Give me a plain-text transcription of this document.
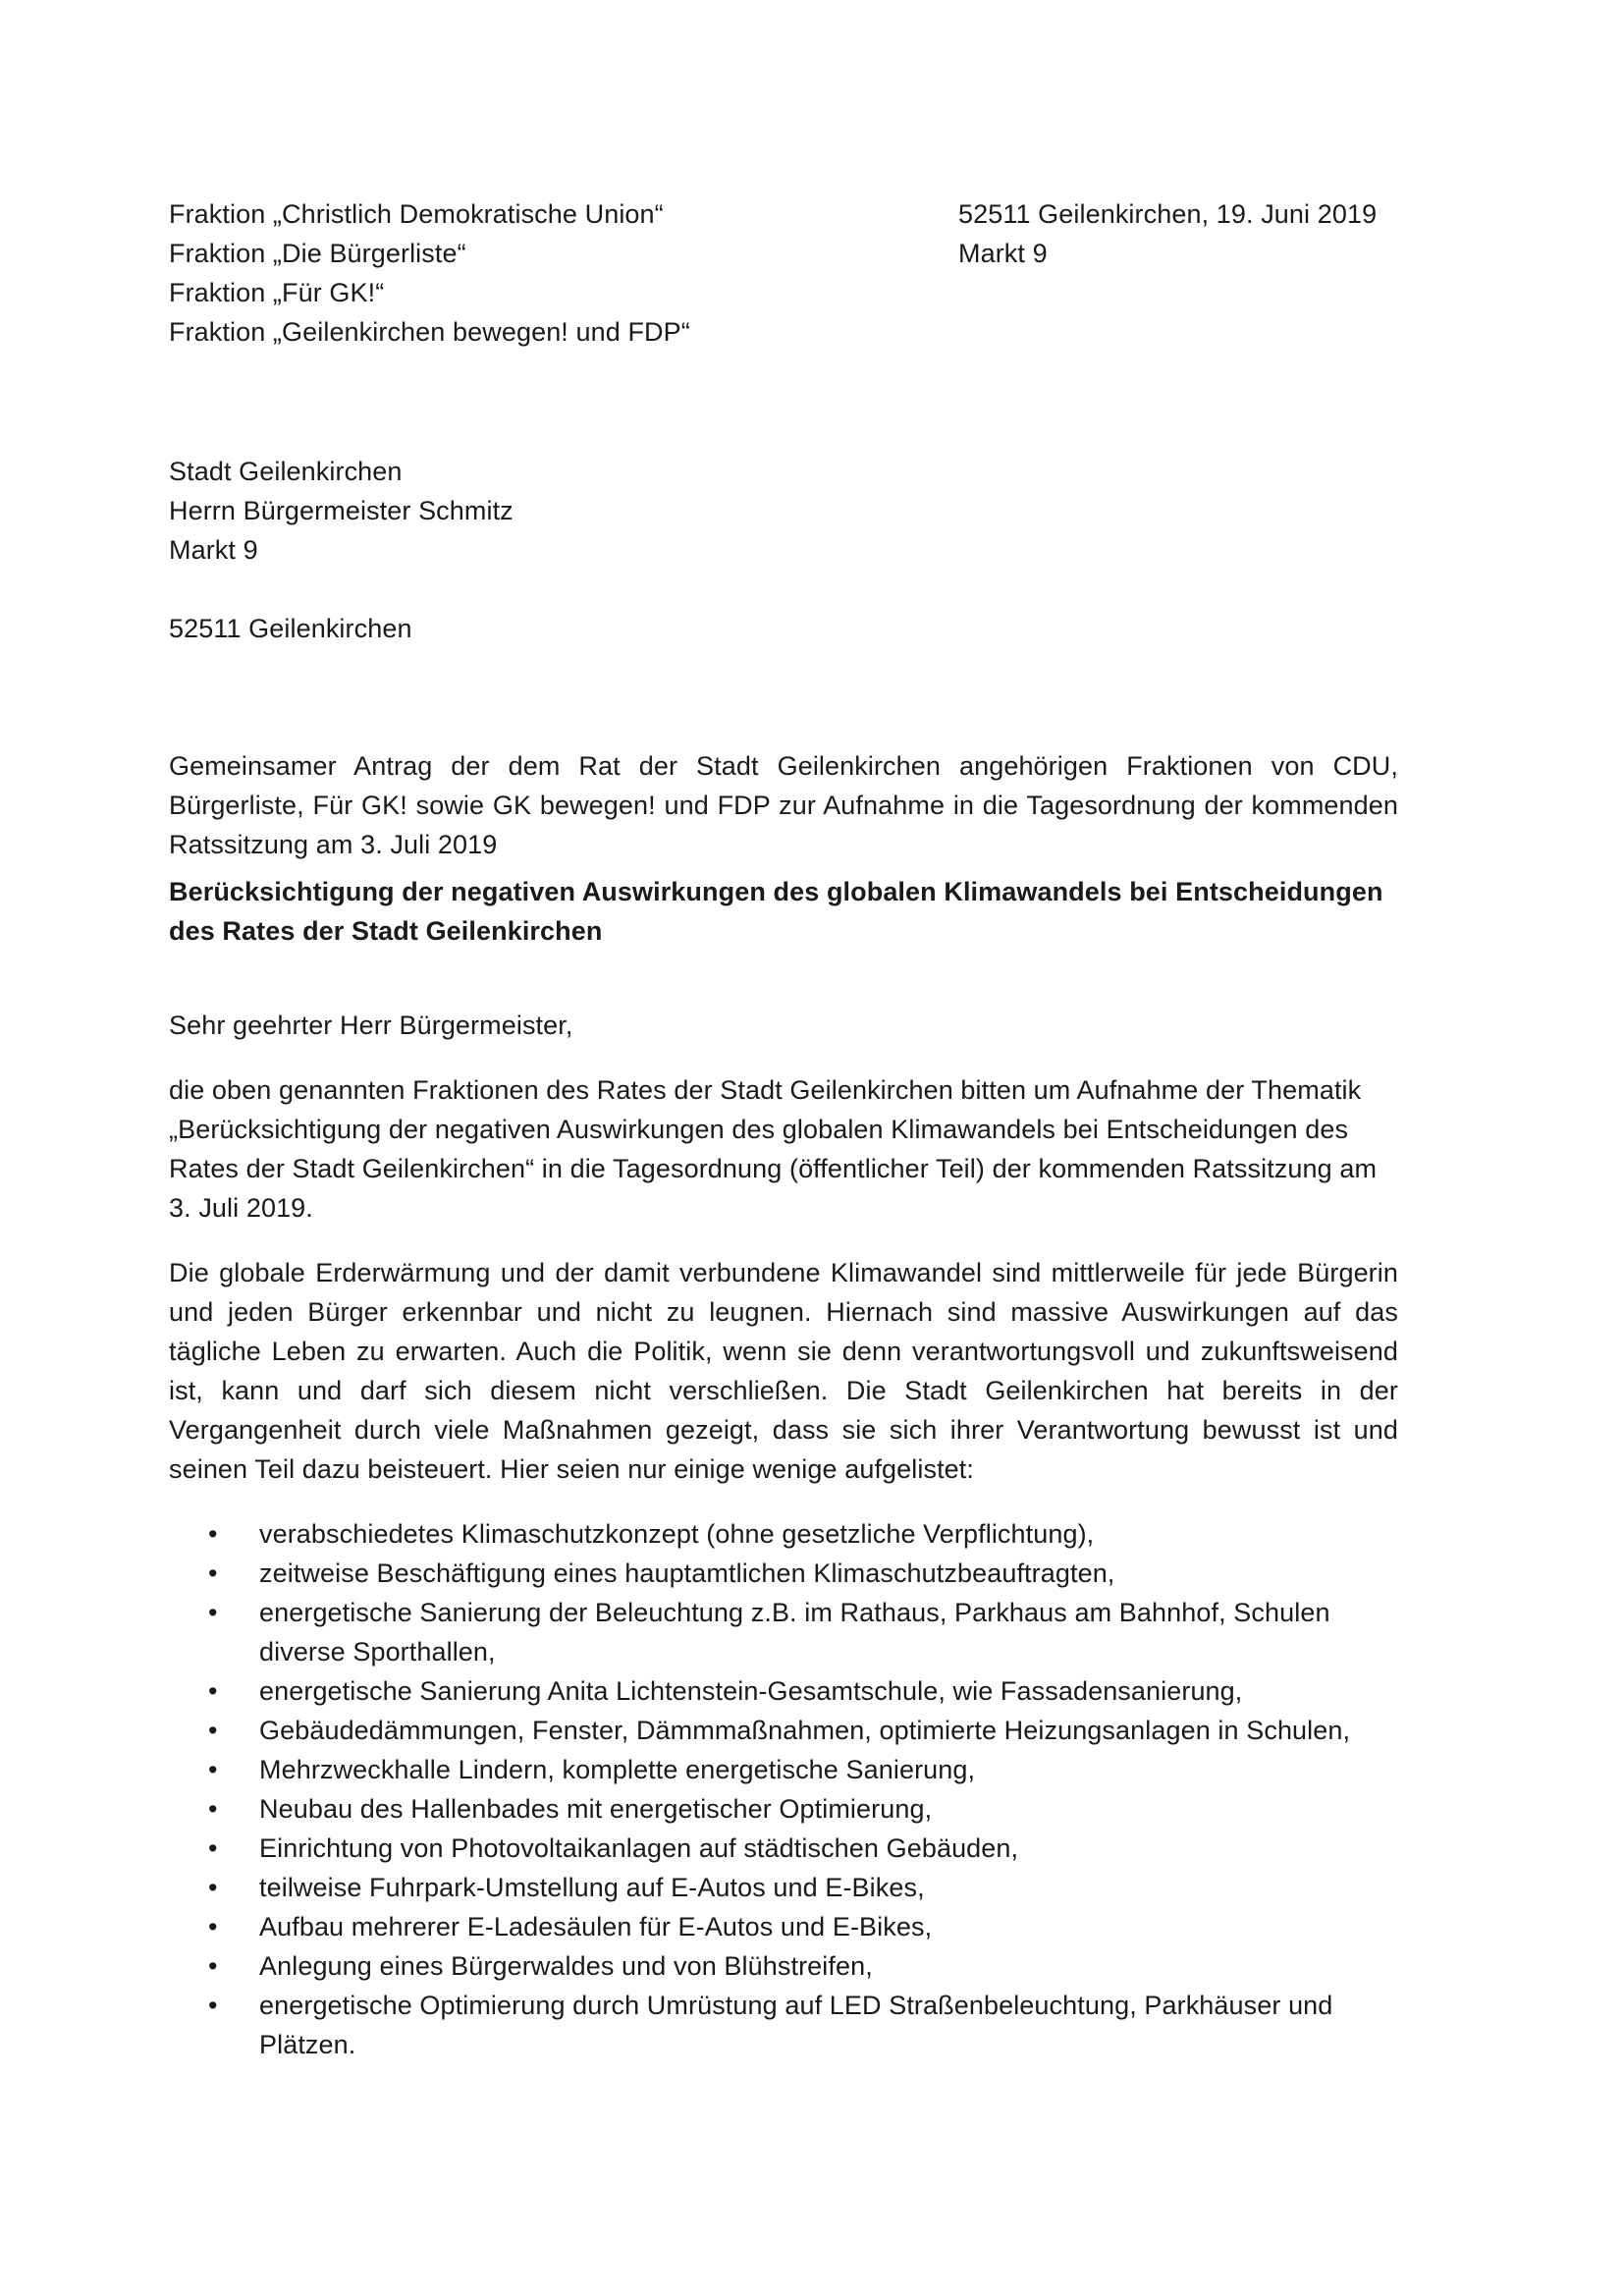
Fraktion „Christlich Demokratische Union“
Fraktion „Die Bürgerliste“
Fraktion „Für GK!“
Fraktion „Geilenkirchen bewegen! und FDP“
52511 Geilenkirchen, 19. Juni 2019
Markt 9
Stadt Geilenkirchen
Herrn Bürgermeister Schmitz
Markt 9
52511 Geilenkirchen

Gemeinsamer Antrag der dem Rat der Stadt Geilenkirchen angehörigen Fraktionen von CDU, Bürgerliste, Für GK! sowie GK bewegen! und FDP zur Aufnahme in die Tagesordnung der kommenden Ratssitzung am 3. Juli 2019

Berücksichtigung der negativen Auswirkungen des globalen Klimawandels bei Entscheidungen des Rates der Stadt Geilenkirchen

Sehr geehrter Herr Bürgermeister,

die oben genannten Fraktionen des Rates der Stadt Geilenkirchen bitten um Aufnahme der Thematik „Berücksichtigung der negativen Auswirkungen des globalen Klimawandels bei Entscheidungen des Rates der Stadt Geilenkirchen“ in die Tagesordnung (öffentlicher Teil) der kommenden Ratssitzung am 3. Juli 2019.

Die globale Erderwärmung und der damit verbundene Klimawandel sind mittlerweile für jede Bürgerin und jeden Bürger erkennbar und nicht zu leugnen. Hiernach sind massive Auswirkungen auf das tägliche Leben zu erwarten. Auch die Politik, wenn sie denn verantwortungsvoll und zukunftsweisend ist, kann und darf sich diesem nicht verschließen. Die Stadt Geilenkirchen hat bereits in der Vergangenheit durch viele Maßnahmen gezeigt, dass sie sich ihrer Verantwortung bewusst ist und seinen Teil dazu beisteuert. Hier seien nur einige wenige aufgelistet:

•	verabschiedetes Klimaschutzkonzept (ohne gesetzliche Verpflichtung),
•	zeitweise Beschäftigung eines hauptamtlichen Klimaschutzbeauftragten,
•	energetische Sanierung der Beleuchtung z.B. im Rathaus, Parkhaus am Bahnhof, Schulen diverse Sporthallen,
•	energetische Sanierung Anita Lichtenstein-Gesamtschule, wie Fassadensanierung,
•	Gebäudedämmungen, Fenster, Dämmmaßnahmen, optimierte Heizungsanlagen in Schulen,
•	Mehrzweckhalle Lindern, komplette energetische Sanierung,
•	Neubau des Hallenbades mit energetischer Optimierung,
•	Einrichtung von Photovoltaikanlagen auf städtischen Gebäuden,
•	teilweise Fuhrpark-Umstellung auf E-Autos und E-Bikes,
•	Aufbau mehrerer E-Ladesäulen für E-Autos und E-Bikes,
•	Anlegung eines Bürgerwaldes und von Blühstreifen,
•	energetische Optimierung durch Umrüstung auf LED Straßenbeleuchtung, Parkhäuser und Plätzen.
